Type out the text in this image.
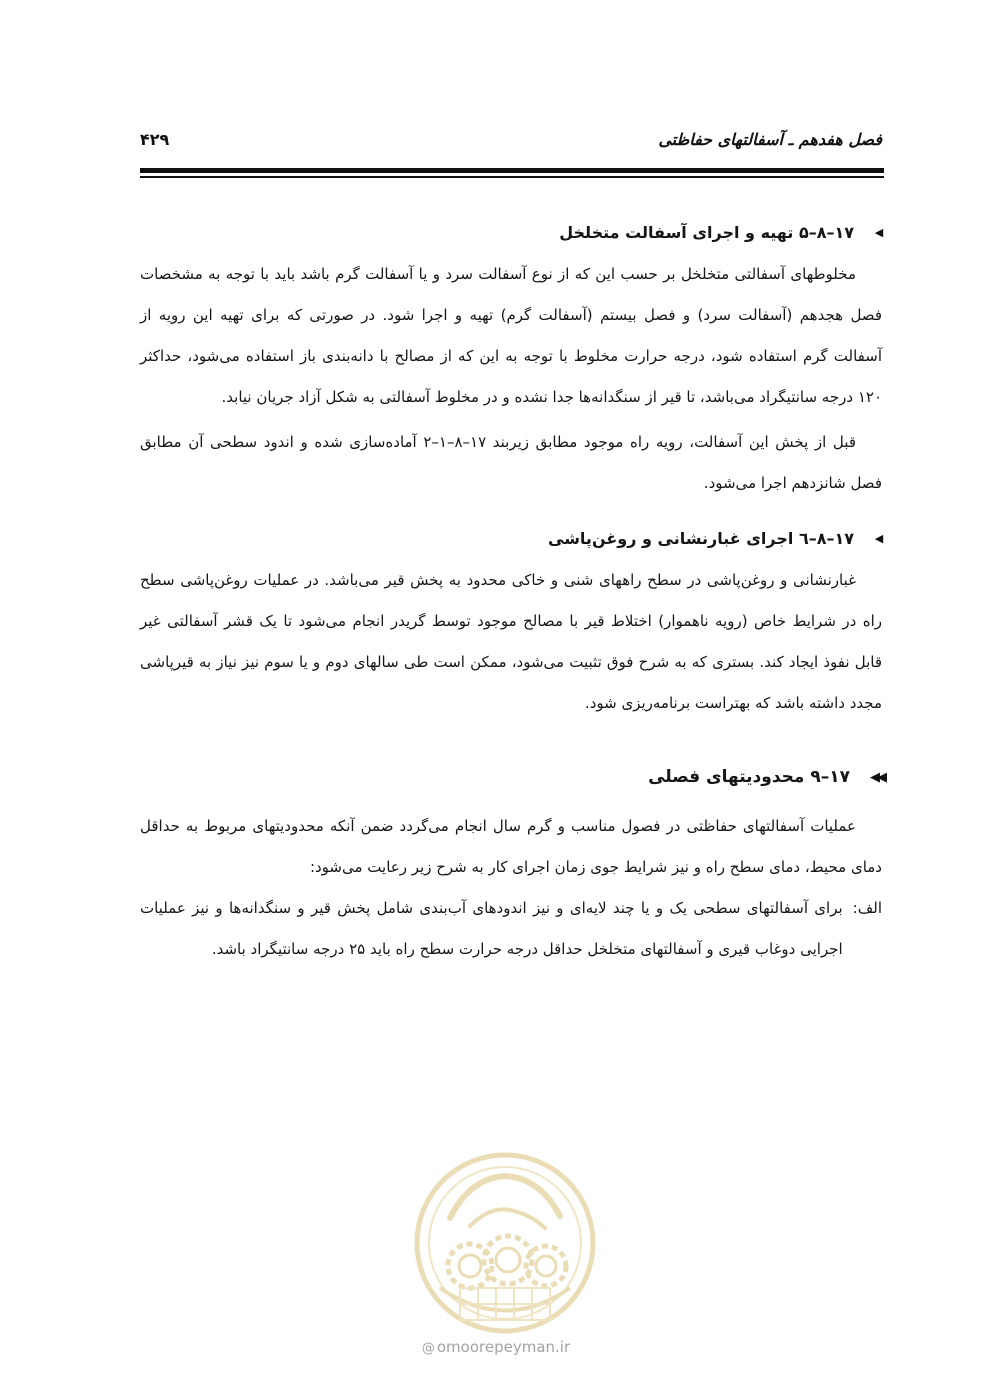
فصل هفدهم ـ آسفالتهای حفاظتی
۴۲۹
◀
۱۷–۸–۵ تهیه و اجرای آسفالت متخلخل

مخلوطهای آسفالتی متخلخل بر حسب این که از نوع آسفالت سرد و یا آسفالت گرم باشد باید با توجه به مشخصات فصل هجدهم (آسفالت سرد) و فصل بیستم (آسفالت گرم) تهیه و اجرا شود. در صورتی که برای تهیه این رویه از آسفالت گرم استفاده شود، درجه حرارت مخلوط با توجه به این که از مصالح با دانه‌بندی باز استفاده می‌شود، حداکثر ۱۲۰ درجه سانتیگراد می‌باشد، تا قیر از سنگدانه‌ها جدا نشده و در مخلوط آسفالتی به شکل آزاد جریان نیابد.

قبل از پخش این آسفالت، رویه راه موجود مطابق زیربند ۱۷–۸–۱–۲ آماده‌سازی شده و اندود سطحی آن مطابق فصل شانزدهم اجرا می‌شود.

◀
۱۷–۸–٦ اجرای غبارنشانی و روغن‌پاشی

غبارنشانی و روغن‌پاشی در سطح راههای شنی و خاکی محدود به پخش قیر می‌باشد. در عملیات روغن‌پاشی سطح راه در شرایط خاص (رویه ناهموار) اختلاط قیر با مصالح موجود توسط گریدر انجام می‌شود تا یک قشر آسفالتی غیر قابل نفوذ ایجاد کند. بستری که به شرح فوق تثبیت می‌شود، ممکن است طی سالهای دوم و یا سوم نیز نیاز به قیرپاشی مجدد داشته باشد که بهتراست برنامه‌ریزی شود.

◀◀
۱۷–۹ محدودیتهای فصلی

عملیات آسفالتهای حفاظتی در فصول مناسب و گرم سال انجام می‌گردد ضمن آنکه محدودیتهای مربوط به حداقل دمای محیط، دمای سطح راه و نیز شرایط جوی زمان اجرای کار به شرح زیر رعایت می‌شود:

الف:
برای آسفالتهای سطحی یک و یا چند لایه‌ای و نیز اندودهای آب‌بندی شامل پخش قیر و سنگدانه‌ها و نیز عملیات اجرایی دوغاب قیری و آسفالتهای متخلخل حداقل درجه حرارت سطح راه باید ۲۵ درجه سانتیگراد باشد.
@ omoorepeyman.ir
